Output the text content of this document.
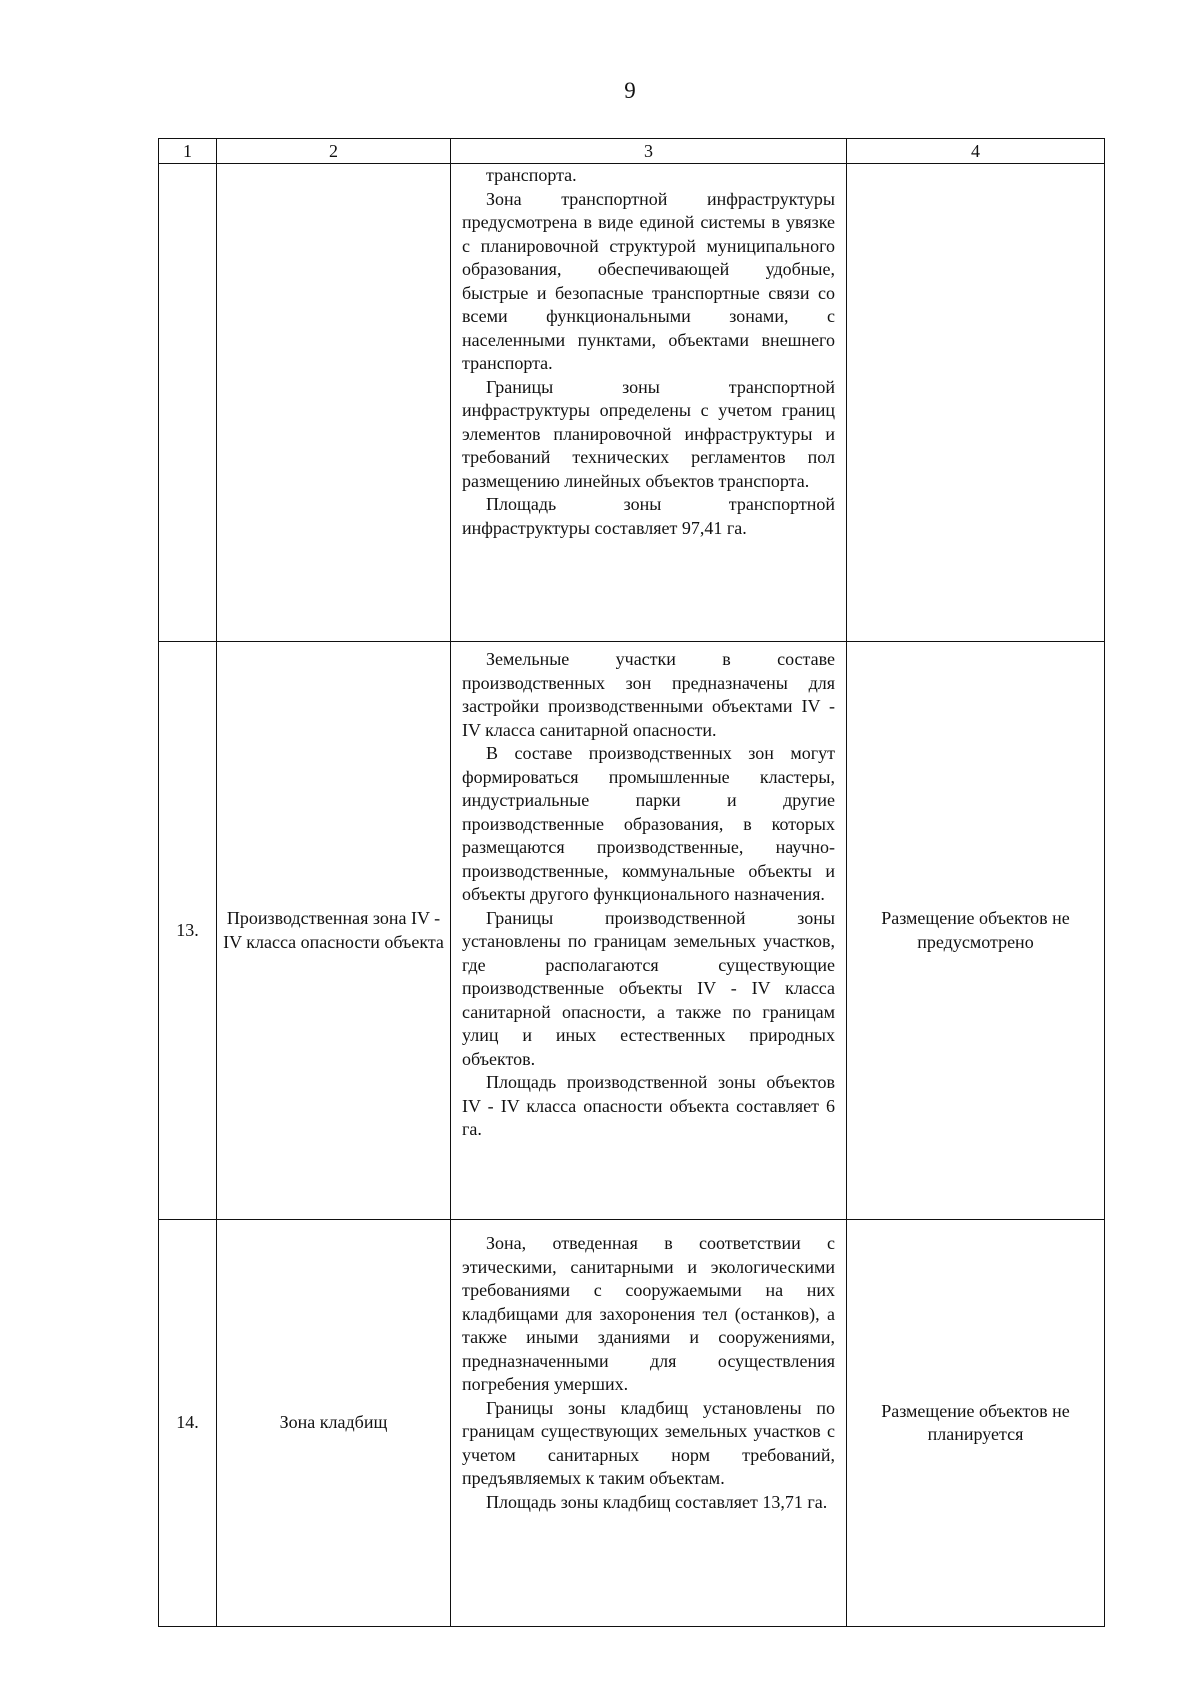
9
1	2	3	4

		транспорта.

Зона транспортной инфраструктуры предусмотрена в виде единой системы в увязке с планировочной структурой муниципального образования, обеспечивающей удобные, быстрые и безопасные транспортные связи со всеми функциональными зонами, с населенными пунктами, объектами внешнего транспорта.

Границы зоны транспортной инфраструктуры определены с учетом границ элементов планировочной инфраструктуры и требований технических регламентов пол размещению линейных объектов транспорта.

Площадь зоны транспортной инфраструктуры составляет 97,41 га.	

13.	Производственная зона IV - IV класса опасности объекта	Земельные участки в составе производственных зон предназначены для застройки производственными объектами IV - IV класса санитарной опасности.

В составе производственных зон могут формироваться промышленные кластеры, индустриальные парки и другие производственные образования, в которых размещаются производственные, научно-производственные, коммунальные объекты и объекты другого функционального назначения.

Границы производственной зоны установлены по границам земельных участков, где располагаются существующие производственные объекты IV - IV класса санитарной опасности, а также по границам улиц и иных естественных природных объектов.

Площадь производственной зоны объектов IV - IV класса опасности объекта составляет 6 га.	Размещение объектов не предусмотрено
14.	Зона кладбищ	Зона, отведенная в соответствии с этическими, санитарными и экологическими требованиями с сооружаемыми на них кладбищами для захоронения тел (останков), а также иными зданиями и сооружениями, предназначенными для осуществления погребения умерших.

Границы зоны кладбищ установлены по границам существующих земельных участков с учетом санитарных норм требований, предъявляемых к таким объектам.

Площадь зоны кладбищ составляет 13,71 га.	Размещение объектов не планируется
